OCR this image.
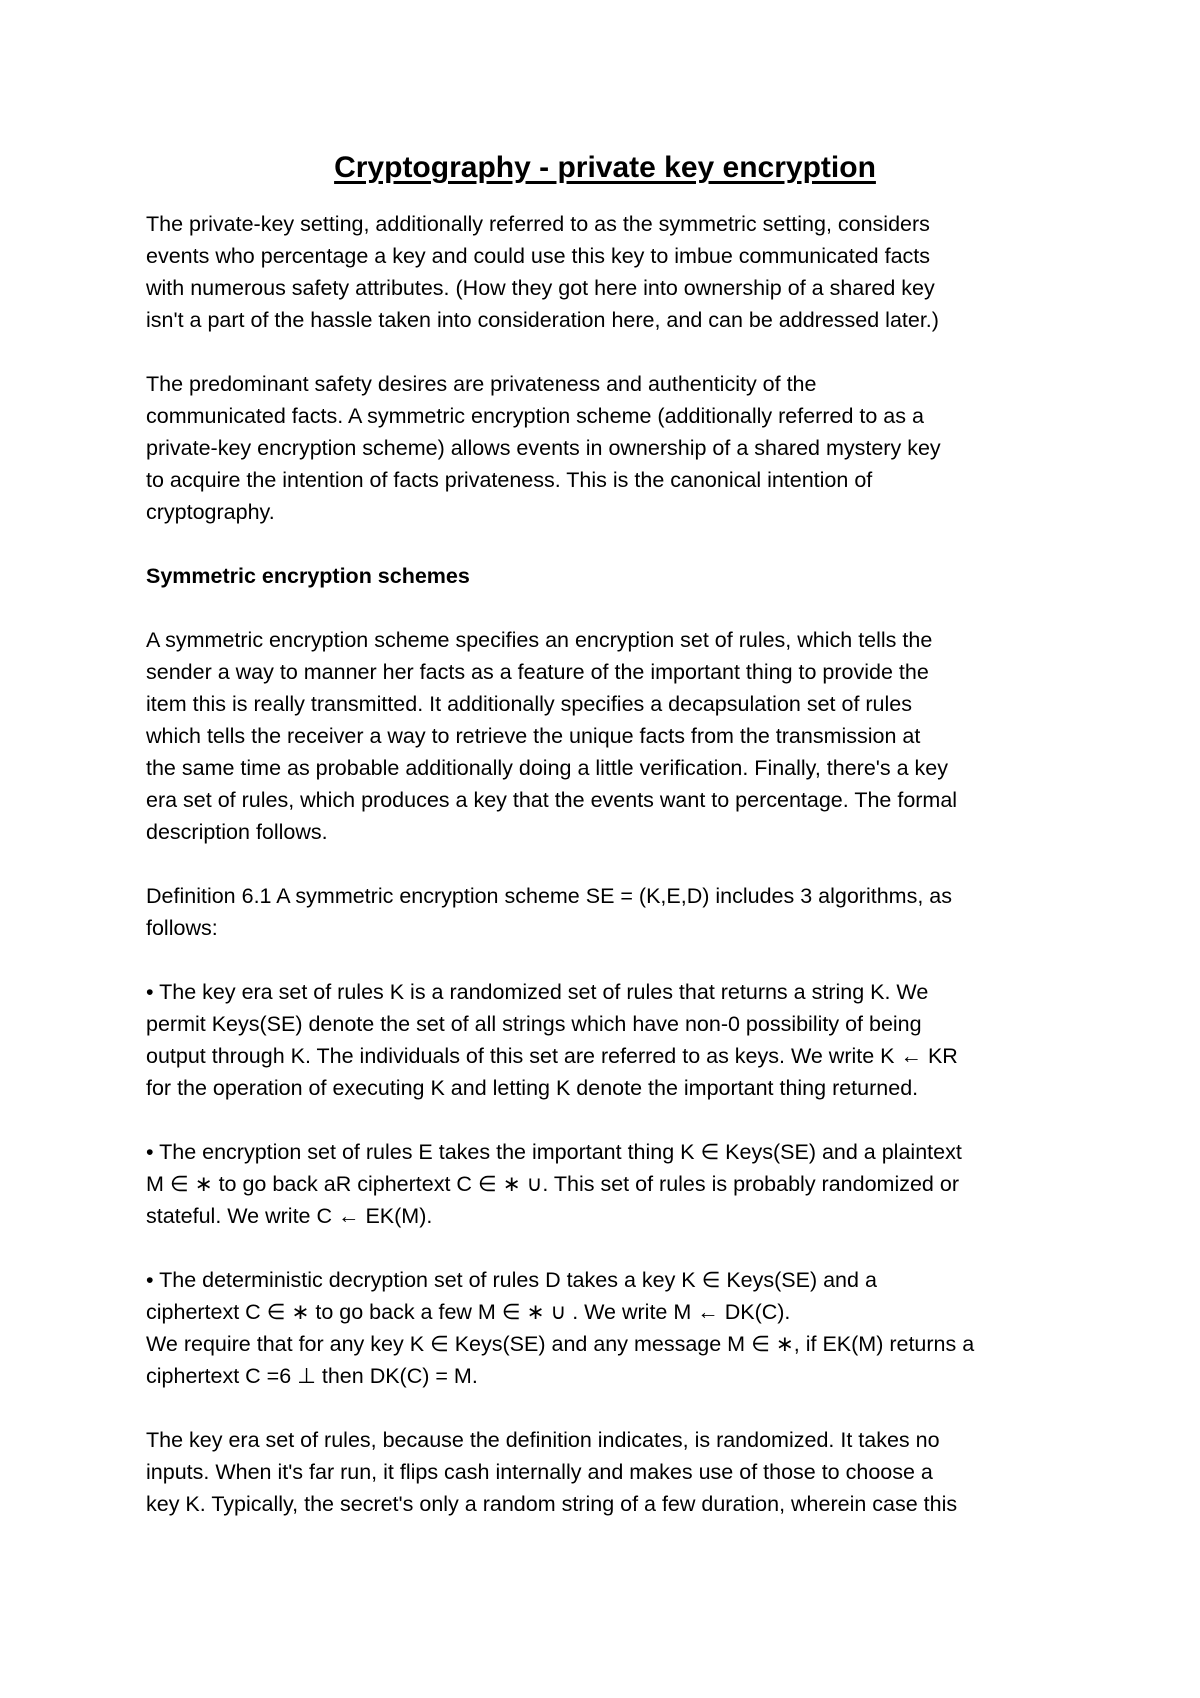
Cryptography - private key encryption
The private-key setting, additionally referred to as the symmetric setting, considers
events who percentage a key and could use this key to imbue communicated facts
with numerous safety attributes. (How they got here into ownership of a shared key
isn't a part of the hassle taken into consideration here, and can be addressed later.)
The predominant safety desires are privateness and authenticity of the
communicated facts. A symmetric encryption scheme (additionally referred to as a
private-key encryption scheme) allows events in ownership of a shared mystery key
to acquire the intention of facts privateness. This is the canonical intention of
cryptography.
Symmetric encryption schemes
A symmetric encryption scheme specifies an encryption set of rules, which tells the
sender a way to manner her facts as a feature of the important thing to provide the
item this is really transmitted. It additionally specifies a decapsulation set of rules
which tells the receiver a way to retrieve the unique facts from the transmission at
the same time as probable additionally doing a little verification. Finally, there's a key
era set of rules, which produces a key that the events want to percentage. The formal
description follows.
Definition 6.1 A symmetric encryption scheme SE = (K,E,D) includes 3 algorithms, as
follows:
• The key era set of rules K is a randomized set of rules that returns a string K. We
permit Keys(SE) denote the set of all strings which have non-0 possibility of being
output through K. The individuals of this set are referred to as keys. We write K ← KR
for the operation of executing K and letting K denote the important thing returned.
• The encryption set of rules E takes the important thing K ∈ Keys(SE) and a plaintext
M ∈ ∗ to go back aR ciphertext C ∈ ∗ ∪. This set of rules is probably randomized or
stateful. We write C ← EK(M).
• The deterministic decryption set of rules D takes a key K ∈ Keys(SE) and a
ciphertext C ∈ ∗ to go back a few M ∈ ∗ ∪ . We write M ← DK(C).
We require that for any key K ∈ Keys(SE) and any message M ∈ ∗, if EK(M) returns a
ciphertext C =6 ⊥ then DK(C) = M.
The key era set of rules, because the definition indicates, is randomized. It takes no
inputs. When it's far run, it flips cash internally and makes use of those to choose a
key K. Typically, the secret's only a random string of a few duration, wherein case this
